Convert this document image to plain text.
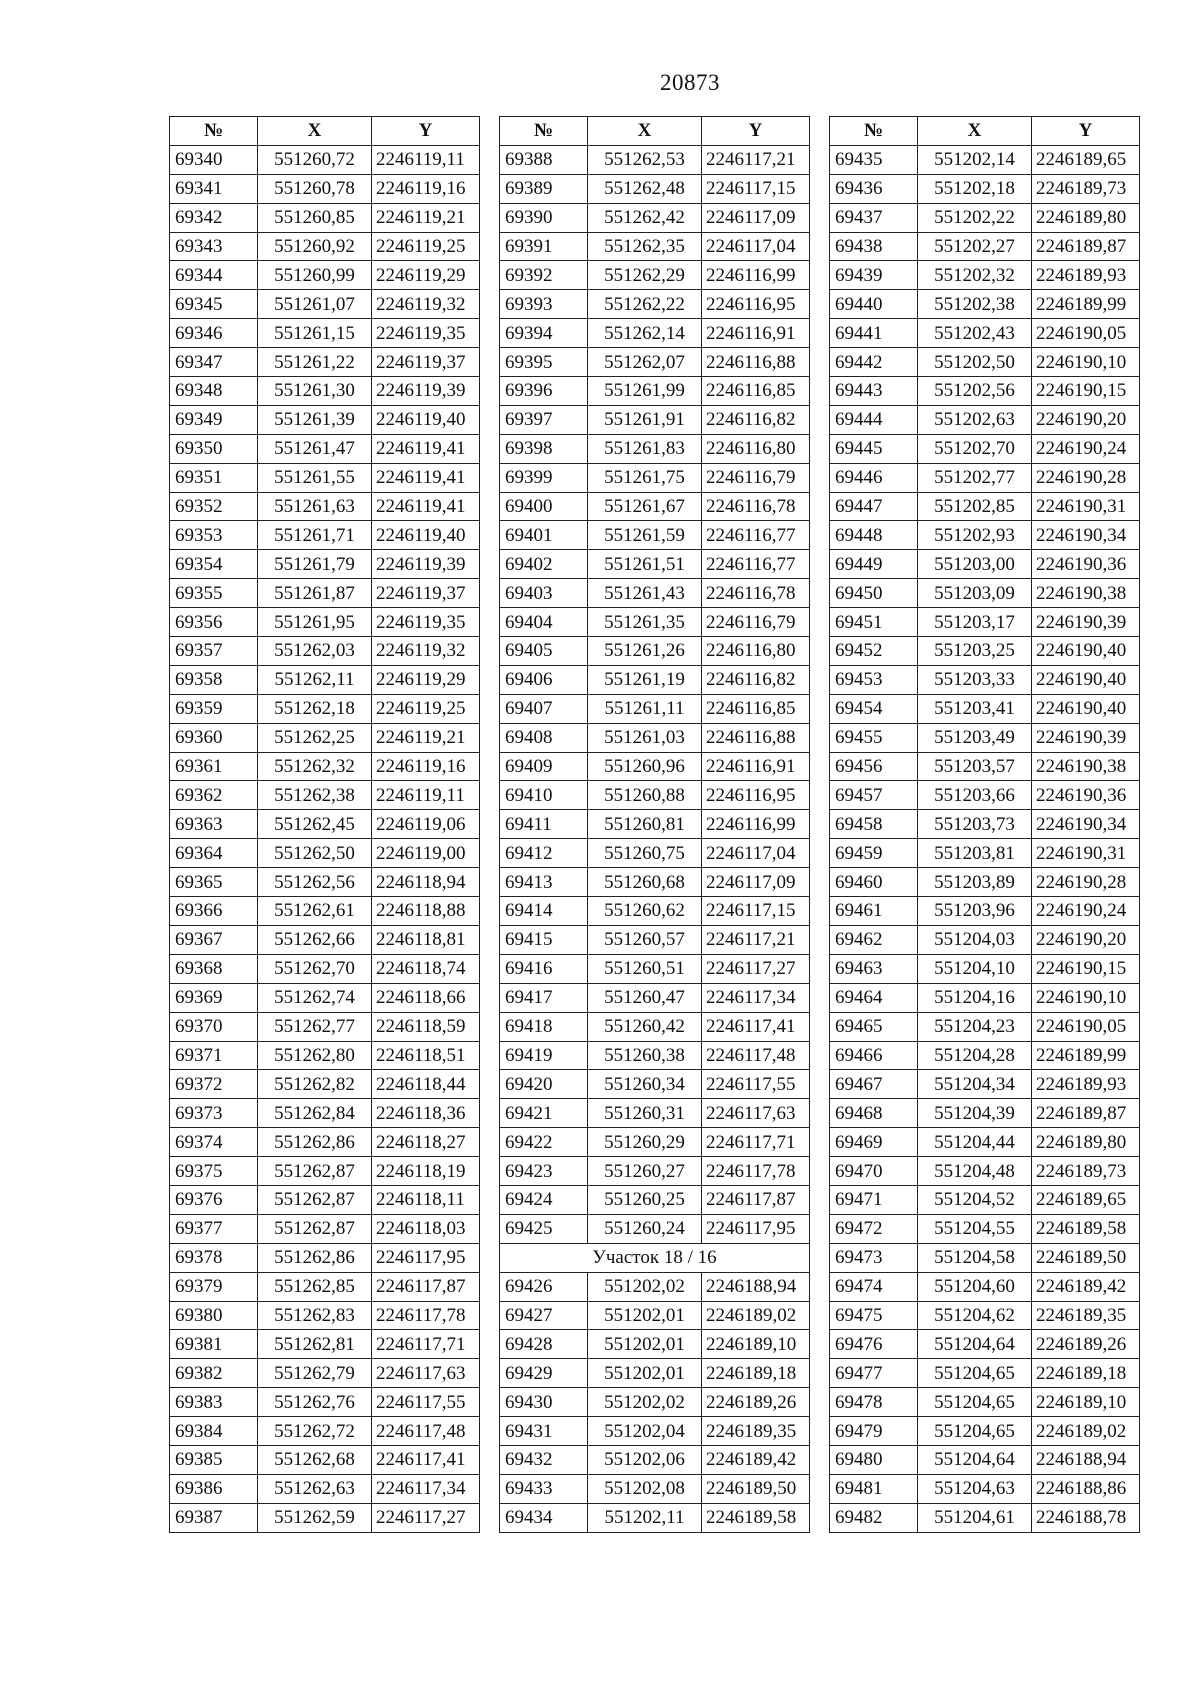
20873
№	X	Y
69340	551260,72	2246119,11
69341	551260,78	2246119,16
69342	551260,85	2246119,21
69343	551260,92	2246119,25
69344	551260,99	2246119,29
69345	551261,07	2246119,32
69346	551261,15	2246119,35
69347	551261,22	2246119,37
69348	551261,30	2246119,39
69349	551261,39	2246119,40
69350	551261,47	2246119,41
69351	551261,55	2246119,41
69352	551261,63	2246119,41
69353	551261,71	2246119,40
69354	551261,79	2246119,39
69355	551261,87	2246119,37
69356	551261,95	2246119,35
69357	551262,03	2246119,32
69358	551262,11	2246119,29
69359	551262,18	2246119,25
69360	551262,25	2246119,21
69361	551262,32	2246119,16
69362	551262,38	2246119,11
69363	551262,45	2246119,06
69364	551262,50	2246119,00
69365	551262,56	2246118,94
69366	551262,61	2246118,88
69367	551262,66	2246118,81
69368	551262,70	2246118,74
69369	551262,74	2246118,66
69370	551262,77	2246118,59
69371	551262,80	2246118,51
69372	551262,82	2246118,44
69373	551262,84	2246118,36
69374	551262,86	2246118,27
69375	551262,87	2246118,19
69376	551262,87	2246118,11
69377	551262,87	2246118,03
69378	551262,86	2246117,95
69379	551262,85	2246117,87
69380	551262,83	2246117,78
69381	551262,81	2246117,71
69382	551262,79	2246117,63
69383	551262,76	2246117,55
69384	551262,72	2246117,48
69385	551262,68	2246117,41
69386	551262,63	2246117,34
69387	551262,59	2246117,27
№	X	Y
69388	551262,53	2246117,21
69389	551262,48	2246117,15
69390	551262,42	2246117,09
69391	551262,35	2246117,04
69392	551262,29	2246116,99
69393	551262,22	2246116,95
69394	551262,14	2246116,91
69395	551262,07	2246116,88
69396	551261,99	2246116,85
69397	551261,91	2246116,82
69398	551261,83	2246116,80
69399	551261,75	2246116,79
69400	551261,67	2246116,78
69401	551261,59	2246116,77
69402	551261,51	2246116,77
69403	551261,43	2246116,78
69404	551261,35	2246116,79
69405	551261,26	2246116,80
69406	551261,19	2246116,82
69407	551261,11	2246116,85
69408	551261,03	2246116,88
69409	551260,96	2246116,91
69410	551260,88	2246116,95
69411	551260,81	2246116,99
69412	551260,75	2246117,04
69413	551260,68	2246117,09
69414	551260,62	2246117,15
69415	551260,57	2246117,21
69416	551260,51	2246117,27
69417	551260,47	2246117,34
69418	551260,42	2246117,41
69419	551260,38	2246117,48
69420	551260,34	2246117,55
69421	551260,31	2246117,63
69422	551260,29	2246117,71
69423	551260,27	2246117,78
69424	551260,25	2246117,87
69425	551260,24	2246117,95
Участок 18 / 16		
69426	551202,02	2246188,94
69427	551202,01	2246189,02
69428	551202,01	2246189,10
69429	551202,01	2246189,18
69430	551202,02	2246189,26
69431	551202,04	2246189,35
69432	551202,06	2246189,42
69433	551202,08	2246189,50
69434	551202,11	2246189,58
№	X	Y
69435	551202,14	2246189,65
69436	551202,18	2246189,73
69437	551202,22	2246189,80
69438	551202,27	2246189,87
69439	551202,32	2246189,93
69440	551202,38	2246189,99
69441	551202,43	2246190,05
69442	551202,50	2246190,10
69443	551202,56	2246190,15
69444	551202,63	2246190,20
69445	551202,70	2246190,24
69446	551202,77	2246190,28
69447	551202,85	2246190,31
69448	551202,93	2246190,34
69449	551203,00	2246190,36
69450	551203,09	2246190,38
69451	551203,17	2246190,39
69452	551203,25	2246190,40
69453	551203,33	2246190,40
69454	551203,41	2246190,40
69455	551203,49	2246190,39
69456	551203,57	2246190,38
69457	551203,66	2246190,36
69458	551203,73	2246190,34
69459	551203,81	2246190,31
69460	551203,89	2246190,28
69461	551203,96	2246190,24
69462	551204,03	2246190,20
69463	551204,10	2246190,15
69464	551204,16	2246190,10
69465	551204,23	2246190,05
69466	551204,28	2246189,99
69467	551204,34	2246189,93
69468	551204,39	2246189,87
69469	551204,44	2246189,80
69470	551204,48	2246189,73
69471	551204,52	2246189,65
69472	551204,55	2246189,58
69473	551204,58	2246189,50
69474	551204,60	2246189,42
69475	551204,62	2246189,35
69476	551204,64	2246189,26
69477	551204,65	2246189,18
69478	551204,65	2246189,10
69479	551204,65	2246189,02
69480	551204,64	2246188,94
69481	551204,63	2246188,86
69482	551204,61	2246188,78
